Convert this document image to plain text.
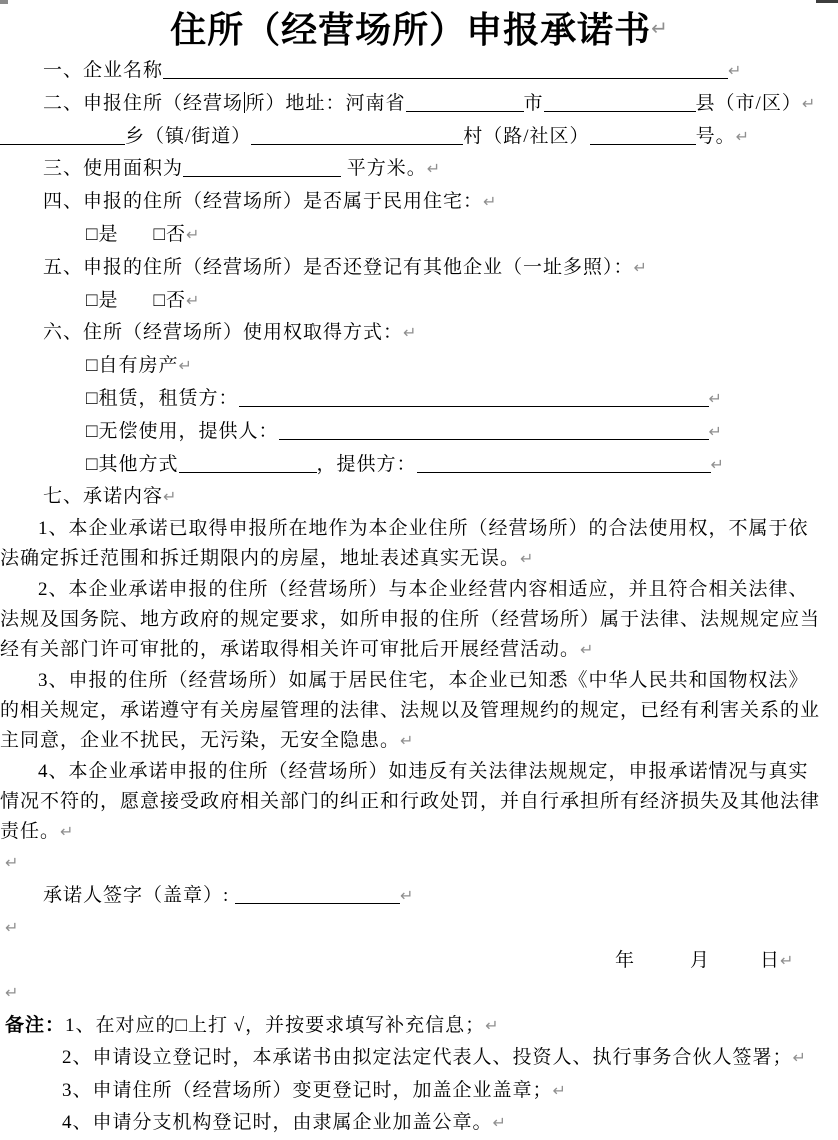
住所（经营场所）申报承诺书 ↵
一、企业名称	↵
二、申报住所（经营场 所）地址：河南省	市	县（市/区）↵
乡（镇/街道）	村（路/社区）	号。↵
三、使用面积为	平方米。↵
四、申报的住所（经营场所）是否属于民用住宅：↵
□是 □否↵
五、申报的住所（经营场所）是否还登记有其他企业（一址多照）：↵
□是 □否↵
六、住所（经营场所）使用权取得方式：↵
□自有房产↵
□租赁，租赁方：	↵
□无偿使用，提供人：	↵
□其他方式	，提供方：	↵
七、承诺内容↵
1、本企业承诺已取得申报所在地作为本企业住所（经营场所）的合法使用权，不属于依
法确定拆迁范围和拆迁期限内的房屋，地址表述真实无误。↵
2、本企业承诺申报的住所（经营场所）与本企业经营内容相适应，并且符合相关法律、
法规及国务院、地方政府的规定要求，如所申报的住所（经营场所）属于法律、法规规定应当
经有关部门许可审批的，承诺取得相关许可审批后开展经营活动。↵
3、申报的住所（经营场所）如属于居民住宅，本企业已知悉《中华人民共和国物权法》
的相关规定，承诺遵守有关房屋管理的法律、法规以及管理规约的规定，已经有利害关系的业
主同意，企业不扰民，无污染，无安全隐患。↵
4、本企业承诺申报的住所（经营场所）如违反有关法律法规规定，申报承诺情况与真实
情况不符的，愿意接受政府相关部门的纠正和行政处罚，并自行承担所有经济损失及其他法律
责任。↵
↵
承诺人签字（盖章）:	↵
↵
年	月	日↵
↵
备注：1、在对应的□上打 √，并按要求填写补充信息；↵
2、申请设立登记时，本承诺书由拟定法定代表人、投资人、执行事务合伙人签署；↵
3、申请住所（经营场所）变更登记时，加盖企业盖章；↵
4、申请分支机构登记时，由隶属企业加盖公章。↵
